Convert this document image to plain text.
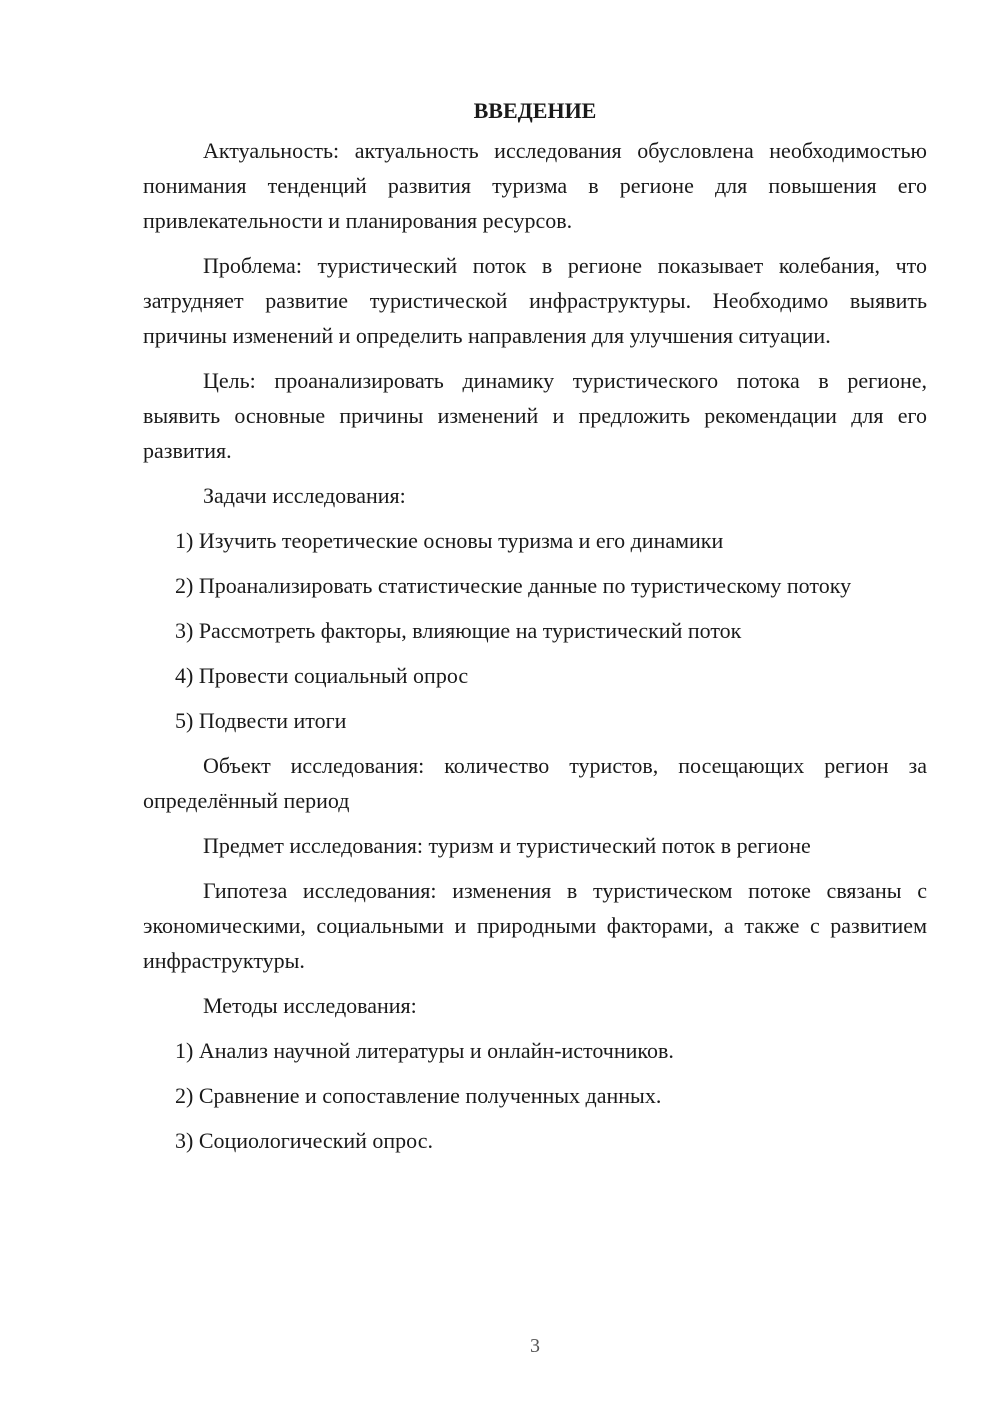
ВВЕДЕНИЕ

Актуальность: актуальность исследования обусловлена необходимостью понимания тенденций развития туризма в регионе для повышения его привлекательности и планирования ресурсов.

Проблема: туристический поток в регионе показывает колебания, что затрудняет развитие туристической инфраструктуры. Необходимо выявить причины изменений и определить направления для улучшения ситуации.

Цель: проанализировать динамику туристического потока в регионе, выявить основные причины изменений и предложить рекомендации для его развития.

Задачи исследования:

1) Изучить теоретические основы туризма и его динамики

2) Проанализировать статистические данные по туристическому потоку

3) Рассмотреть факторы, влияющие на туристический поток

4) Провести социальный опрос

5) Подвести итоги

Объект исследования: количество туристов, посещающих регион за определённый период

Предмет исследования: туризм и туристический поток в регионе

Гипотеза исследования: изменения в туристическом потоке связаны с экономическими, социальными и природными факторами, а также с развитием инфраструктуры.

Методы исследования:

1) Анализ научной литературы и онлайн-источников.

2) Сравнение и сопоставление полученных данных.

3) Социологический опрос.

3
